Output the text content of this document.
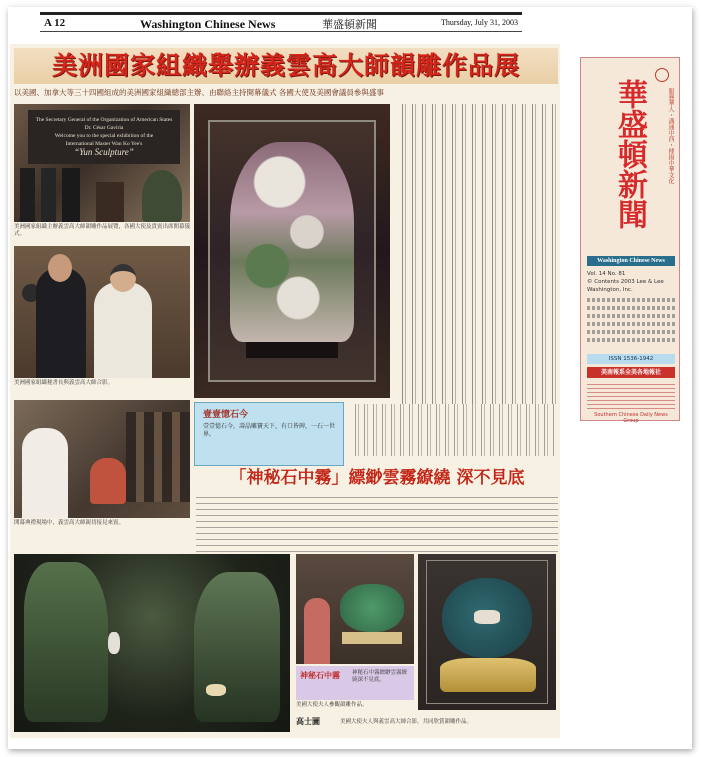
A 12	Washington Chinese News	華盛頓新聞	Thursday, July 31, 2003
美洲國家組織舉辦義雲高大師韻雕作品展
以美國、加拿大等三十四國組成的美洲國家組織總部主辦、由聯絡主持開幕儀式 各國大使及美國會議員參與盛事
The Secretary General of the Organization of American States
Dr. César Gaviria
Welcome you to the special exhibition of the
International Master Wan Ko Yee's
“Yun Sculpture”
美洲國家組織主辦義雲高大師韻雕作品展覽，各國大使及貴賓出席開幕儀式。
美洲國家組織秘書長與義雲高大師合影。
開幕典禮現場中，義雲高大師親切接見來賓。
壹壹憶石今
壹壹憶石今，壽晶雕寶天下，有口皆碑，一石一世界。
「神秘石中霧」縹緲雲霧繚繞 深不見底
神秘石中霧 神秘石中霧縹緲雲霧繚繞深不見底。
美國大使夫人參觀韻雕作品。
高士圖	美國大使夫人與義雲高大師合影，共同欣賞韻雕作品。
華盛頓新聞	服務華人・溝通中西・傳揚中華文化
Washington Chinese News
Vol. 14 No. 81
© Contents 2003 Lee & Lee Washington, Inc.
ISSN 1536-1942
美南報系全美各地報社
Southern Chinese Daily News Group
